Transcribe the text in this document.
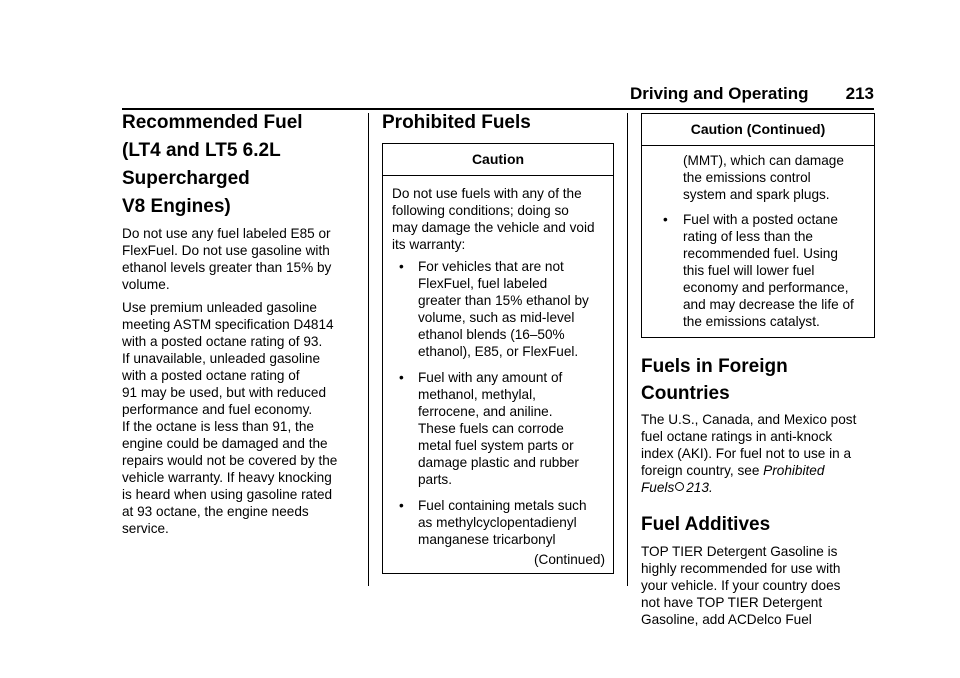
Driving and Operating 213
Recommended Fuel
(LT4 and LT5 6.2L
Supercharged
V8 Engines)
Do not use any fuel labeled E85 or
FlexFuel. Do not use gasoline with
ethanol levels greater than 15% by
volume.
Use premium unleaded gasoline
meeting ASTM specification D4814
with a posted octane rating of 93.
If unavailable, unleaded gasoline
with a posted octane rating of
91 may be used, but with reduced
performance and fuel economy.
If the octane is less than 91, the
engine could be damaged and the
repairs would not be covered by the
vehicle warranty. If heavy knocking
is heard when using gasoline rated
at 93 octane, the engine needs
service.
Prohibited Fuels
Caution
Do not use fuels with any of the
following conditions; doing so
may damage the vehicle and void
its warranty:
• For vehicles that are not
FlexFuel, fuel labeled
greater than 15% ethanol by
volume, such as mid-level
ethanol blends (16–50%
ethanol), E85, or FlexFuel.
• Fuel with any amount of
methanol, methylal,
ferrocene, and aniline.
These fuels can corrode
metal fuel system parts or
damage plastic and rubber
parts.
• Fuel containing metals such
as methylcyclopentadienyl
manganese tricarbonyl
(Continued)
Caution (Continued)
(MMT), which can damage
the emissions control
system and spark plugs.
• Fuel with a posted octane
rating of less than the
recommended fuel. Using
this fuel will lower fuel
economy and performance,
and may decrease the life of
the emissions catalyst.
Fuels in Foreign
Countries
The U.S., Canada, and Mexico post
fuel octane ratings in anti-knock
index (AKI). For fuel not to use in a
foreign country, see Prohibited
Fuels 213.
Fuel Additives
TOP TIER Detergent Gasoline is
highly recommended for use with
your vehicle. If your country does
not have TOP TIER Detergent
Gasoline, add ACDelco Fuel
